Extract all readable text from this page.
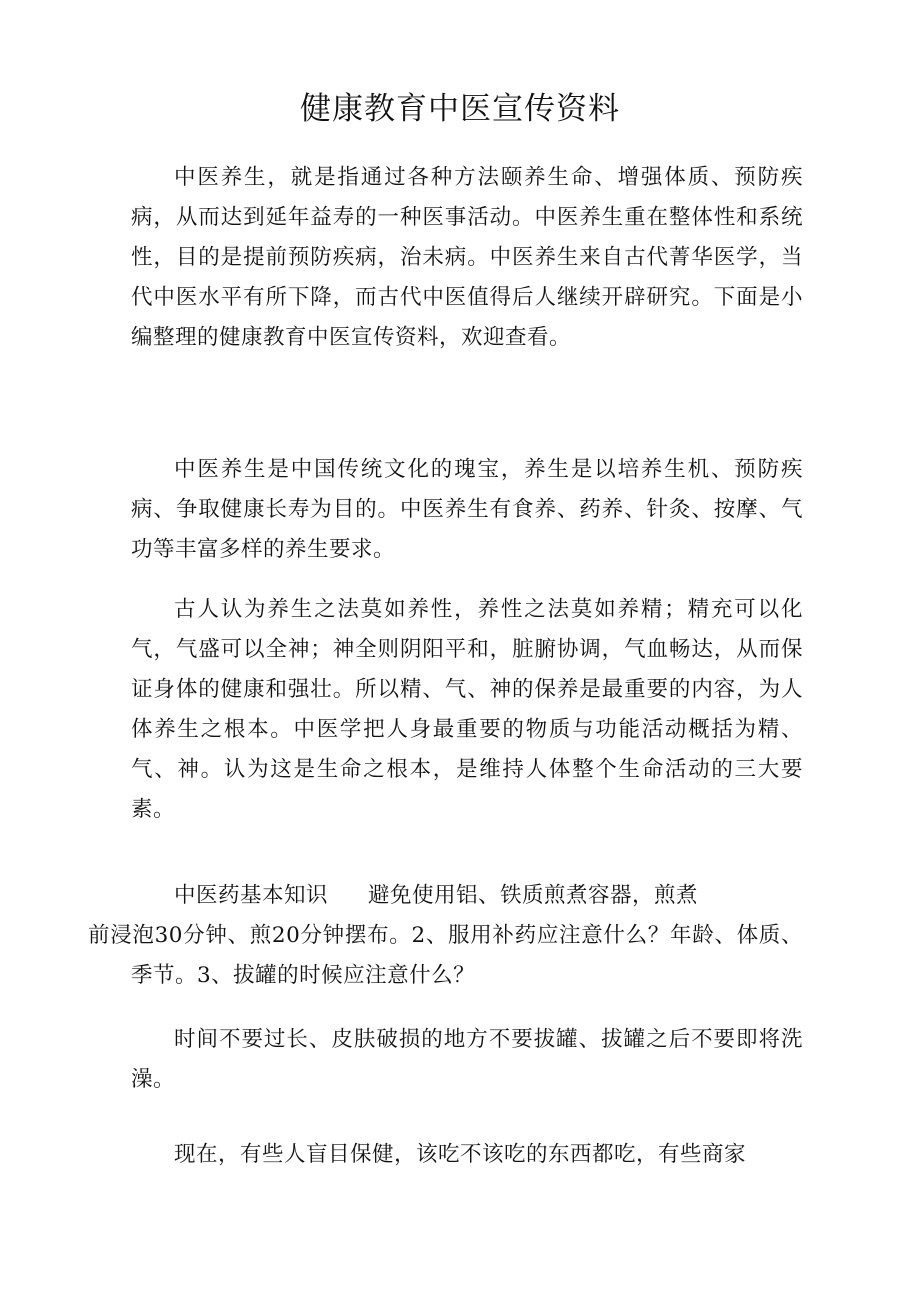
健康教育中医宣传资料

中医养生，就是指通过各种方法颐养生命、增强体质、预防疾病，从而达到延年益寿的一种医事活动。中医养生重在整体性和系统性，目的是提前预防疾病，治未病。中医养生来自古代菁华医学，当代中医水平有所下降，而古代中医值得后人继续开辟研究。下面是小编整理的健康教育中医宣传资料，欢迎查看。

中医养生是中国传统文化的瑰宝，养生是以培养生机、预防疾病、争取健康长寿为目的。中医养生有食养、药养、针灸、按摩、气功等丰富多样的养生要求。

古人认为养生之法莫如养性，养性之法莫如养精；精充可以化气，气盛可以全神；神全则阴阳平和，脏腑协调，气血畅达，从而保证身体的健康和强壮。所以精、气、神的保养是最重要的内容，为人体养生之根本。中医学把人身最重要的物质与功能活动概括为精、气、神。认为这是生命之根本，是维持人体整个生命活动的三大要素。

中医药基本知识 避免使用铝、铁质煎煮容器，煎煮
前浸泡30分钟、煎20分钟摆布。2、服用补药应注意什么？年龄、体质、季节。3、拔罐的时候应注意什么？

时间不要过长、皮肤破损的地方不要拔罐、拔罐之后不要即将洗澡。

现在，有些人盲目保健，该吃不该吃的东西都吃，有些商家
